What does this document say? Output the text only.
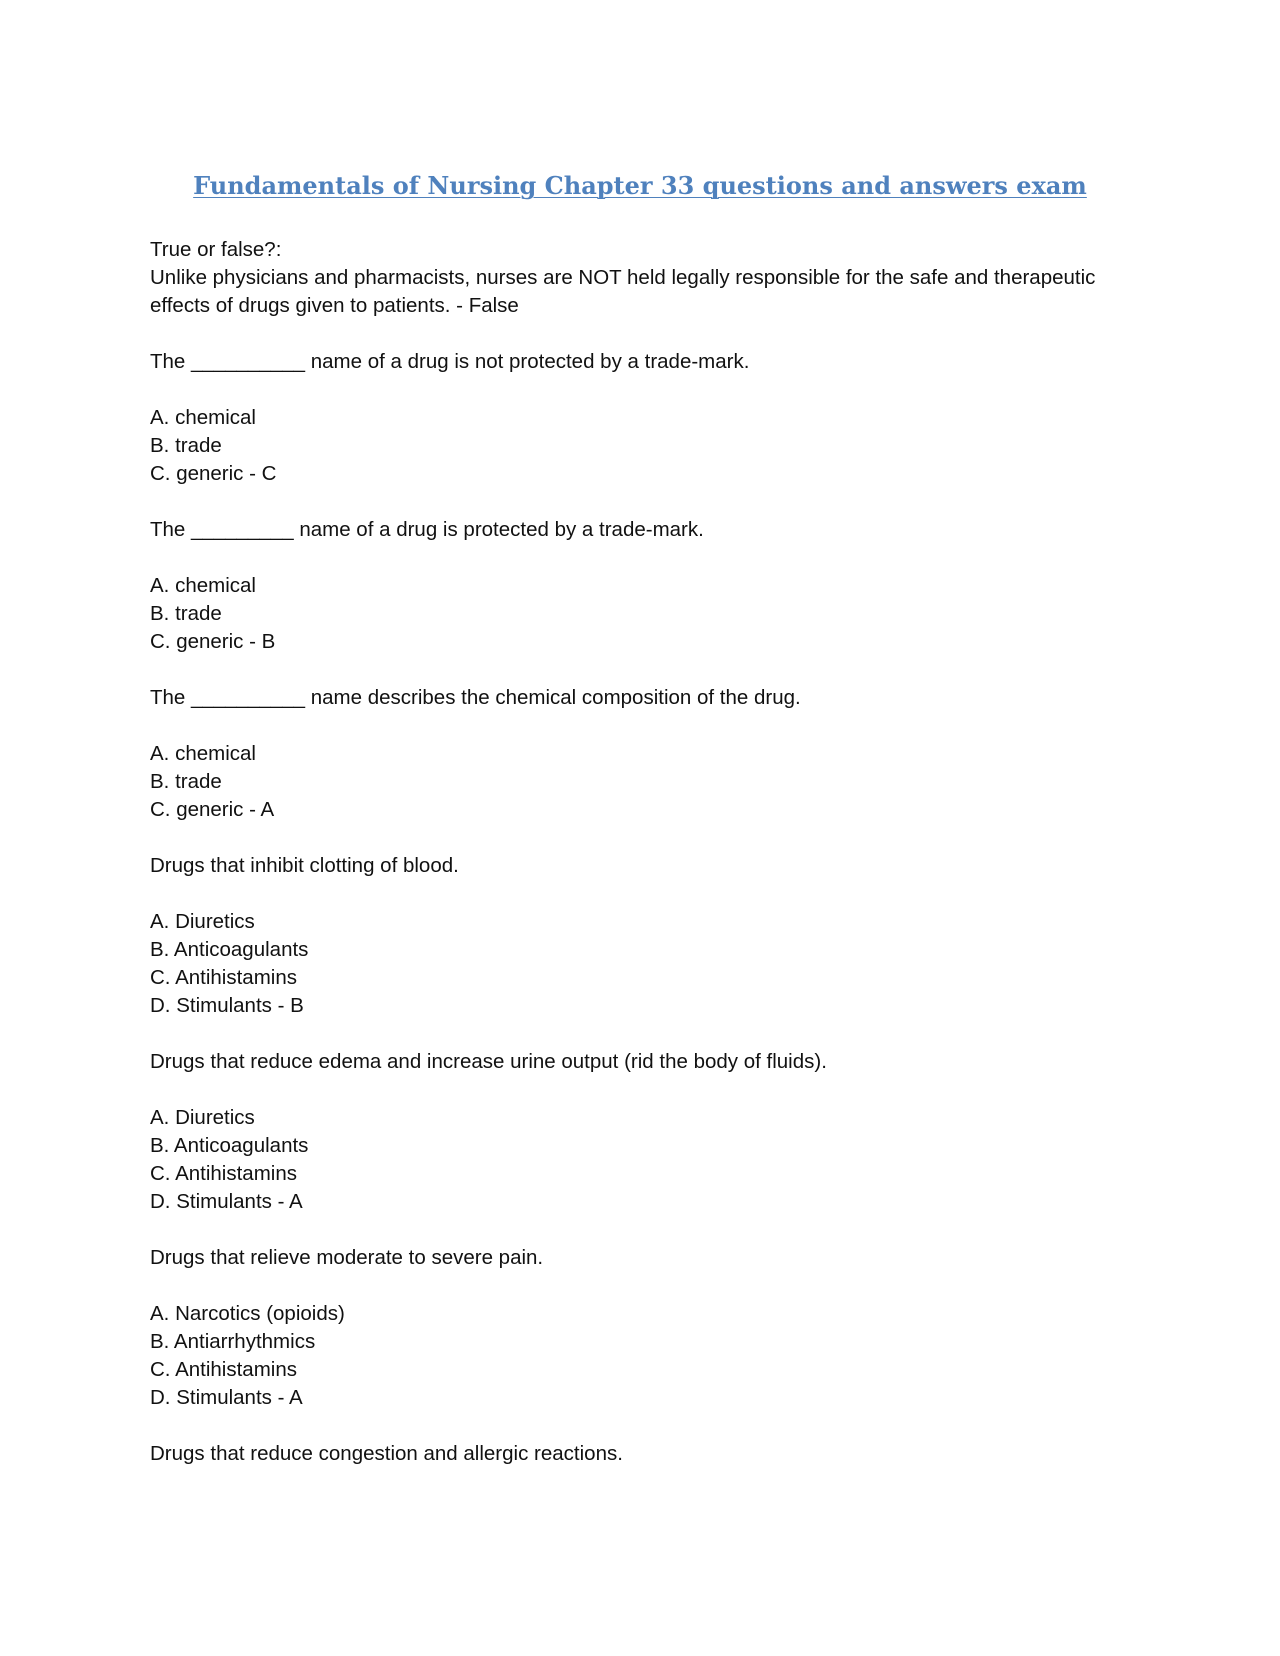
Fundamentals of Nursing Chapter 33 questions and answers exam
True or false?:
Unlike physicians and pharmacists, nurses are NOT held legally responsible for the safe and therapeutic
effects of drugs given to patients. - False
The __________ name of a drug is not protected by a trade-mark.
A. chemical
B. trade
C. generic - C
The _________ name of a drug is protected by a trade-mark.
A. chemical
B. trade
C. generic - B
The __________ name describes the chemical composition of the drug.
A. chemical
B. trade
C. generic - A
Drugs that inhibit clotting of blood.
A. Diuretics
B. Anticoagulants
C. Antihistamins
D. Stimulants - B
Drugs that reduce edema and increase urine output (rid the body of fluids).
A. Diuretics
B. Anticoagulants
C. Antihistamins
D. Stimulants - A
Drugs that relieve moderate to severe pain.
A. Narcotics (opioids)
B. Antiarrhythmics
C. Antihistamins
D. Stimulants - A
Drugs that reduce congestion and allergic reactions.
